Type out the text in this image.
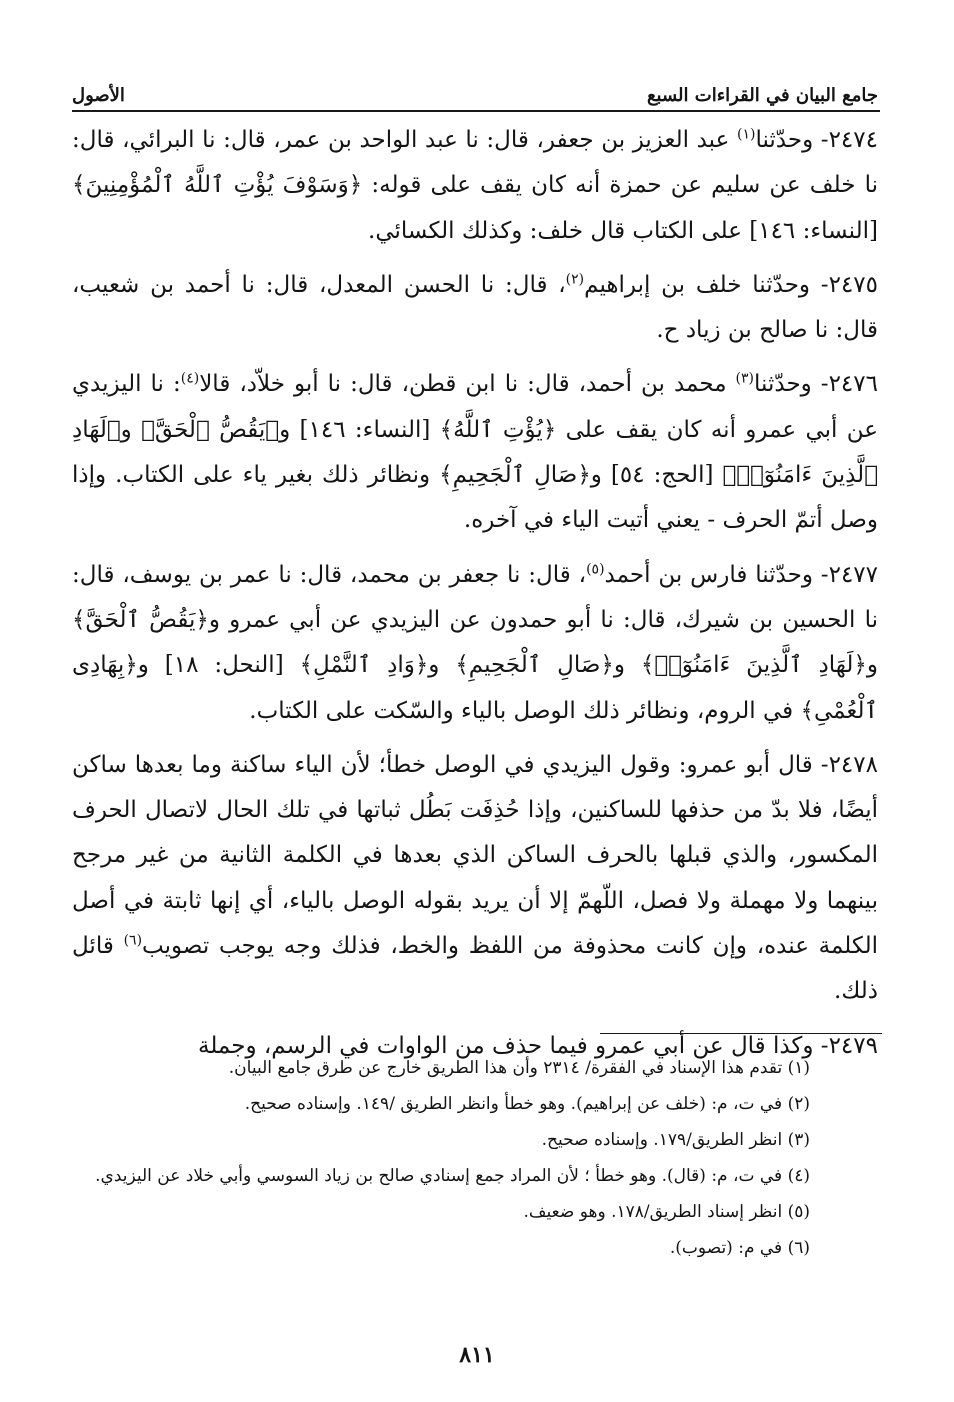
جامع البيان في القراءات السبع
الأصول

٢٤٧٤- وحدّثنا$^{(١)}$ عبد العزيز بن جعفر، قال: نا عبد الواحد بن عمر، قال: نا البرائي، قال: نا خلف عن سليم عن حمزة أنه كان يقف على قوله: ﴿وَسَوْفَ يُؤْتِ ٱللَّهُ ٱلْمُؤْمِنِينَ﴾ [النساء: ١٤٦] على الكتاب قال خلف: وكذلك الكسائي.

٢٤٧٥- وحدّثنا خلف بن إبراهيم$^{(٢)}$، قال: نا الحسن المعدل، قال: نا أحمد بن شعيب، قال: نا صالح بن زياد ح.

٢٤٧٦- وحدّثنا$^{(٣)}$ محمد بن أحمد، قال: نا ابن قطن، قال: نا أبو خلاّد، قالا$^{(٤)}$: نا اليزيدي عن أبي عمرو أنه كان يقف على ﴿يُؤْتِ ٱللَّهُ﴾ [النساء: ١٤٦] و﴿يَقُصُّ ٱلْحَقَّ﴾ و﴿لَهَادِ ٱلَّذِينَ ءَامَنُوٓا۟﴾ [الحج: ٥٤] و﴿صَالِ ٱلْجَحِيمِ﴾ ونظائر ذلك بغير ياء على الكتاب. وإذا وصل أتمّ الحرف - يعني أتيت الياء في آخره.

٢٤٧٧- وحدّثنا فارس بن أحمد$^{(٥)}$، قال: نا جعفر بن محمد، قال: نا عمر بن يوسف، قال: نا الحسين بن شيرك، قال: نا أبو حمدون عن اليزيدي عن أبي عمرو و﴿يَقُصُّ ٱلْحَقَّ﴾ و﴿لَهَادِ ٱلَّذِينَ ءَامَنُوٓا۟﴾ و﴿صَالِ ٱلْجَحِيمِ﴾ و﴿وَادِ ٱلنَّمْلِ﴾ [النحل: ١٨] و﴿بِهَادِى ٱلْعُمْىِ﴾ في الروم، ونظائر ذلك الوصل بالياء والسّكت على الكتاب.

٢٤٧٨- قال أبو عمرو: وقول اليزيدي في الوصل خطأ؛ لأن الياء ساكنة وما بعدها ساكن أيضًا، فلا بدّ من حذفها للساكنين، وإذا حُذِفَت بَطُل ثباتها في تلك الحال لاتصال الحرف المكسور، والذي قبلها بالحرف الساكن الذي بعدها في الكلمة الثانية من غير مرجح بينهما ولا مهملة ولا فصل، اللّهمّ إلا أن يريد بقوله الوصل بالياء، أي إنها ثابتة في أصل الكلمة عنده، وإن كانت محذوفة من اللفظ والخط، فذلك وجه يوجب تصويب$^{(٦)}$ قائل ذلك.

٢٤٧٩- وكذا قال عن أبي عمرو فيما حذف من الواوات في الرسم، وجملة

(١) تقدم هذا الإسناد في الفقرة/ ٢٣١٤ وأن هذا الطريق خارج عن طرق جامع البيان.

(٢) في ت، م: (خلف عن إبراهيم). وهو خطأ وانظر الطريق /١٤٩. وإسناده صحيح.

(٣) انظر الطريق/١٧٩. وإسناده صحيح.

(٤) في ت، م: (قال). وهو خطأ ؛ لأن المراد جمع إسنادي صالح بن زياد السوسي وأبي خلاد عن اليزيدي.

(٥) انظر إسناد الطريق/١٧٨. وهو ضعيف.

(٦) في م: (تصوب).

٨١١
